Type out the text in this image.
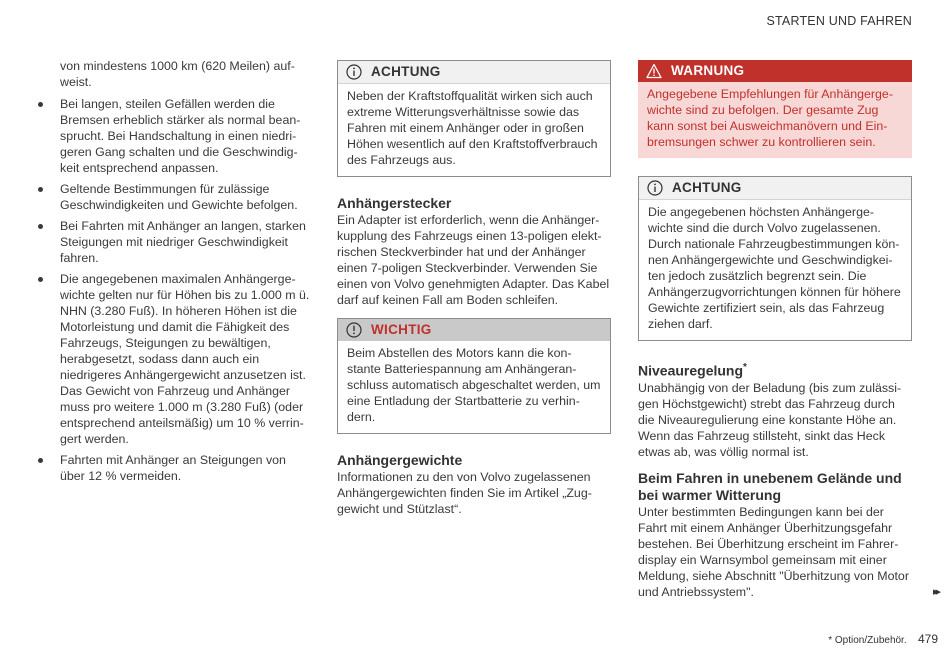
STARTEN UND FAHREN

von mindestens 1000 km (620 Meilen) aufweist.

Bei langen, steilen Gefällen werden die Bremsen erheblich stärker als normal beansprucht. Bei Handschaltung in einen niedrigeren Gang schalten und die Geschwindigkeit entsprechend anpassen.
Geltende Bestimmungen für zulässige Geschwindigkeiten und Gewichte befolgen.
Bei Fahrten mit Anhänger an langen, starken Steigungen mit niedriger Geschwindigkeit fahren.
Die angegebenen maximalen Anhängergewichte gelten nur für Höhen bis zu 1.000 m ü. NHN (3.280 Fuß). In höheren Höhen ist die Motorleistung und damit die Fähigkeit des Fahrzeugs, Steigungen zu bewältigen, herabgesetzt, sodass dann auch ein niedrigeres Anhängergewicht anzusetzen ist. Das Gewicht von Fahrzeug und Anhänger muss pro weitere 1.000 m (3.280 Fuß) (oder entsprechend anteilsmäßig) um 10 % verringert werden.
Fahrten mit Anhänger an Steigungen von über 12 % vermeiden.
ACHTUNG
Neben der Kraftstoffqualität wirken sich auch extreme Witterungsverhältnisse sowie das Fahren mit einem Anhänger oder in großen Höhen wesentlich auf den Kraftstoffverbrauch des Fahrzeugs aus.
Anhängerstecker

Ein Adapter ist erforderlich, wenn die Anhängerkupplung des Fahrzeugs einen 13-poligen elektrischen Steckverbinder hat und der Anhänger einen 7-poligen Steckverbinder. Verwenden Sie einen von Volvo genehmigten Adapter. Das Kabel darf auf keinen Fall am Boden schleifen.

WICHTIG
Beim Abstellen des Motors kann die konstante Batteriespannung am Anhängeranschluss automatisch abgeschaltet werden, um eine Entladung der Startbatterie zu verhindern.
Anhängergewichte

Informationen zu den von Volvo zugelassenen Anhängergewichten finden Sie im Artikel „Zuggewicht und Stützlast“.

WARNUNG
Angegebene Empfehlungen für Anhängergewichte sind zu befolgen. Der gesamte Zug kann sonst bei Ausweichmanövern und Einbremsungen schwer zu kontrollieren sein.
ACHTUNG
Die angegebenen höchsten Anhängergewichte sind die durch Volvo zugelassenen. Durch nationale Fahrzeugbestimmungen können Anhängergewichte und Geschwindigkeiten jedoch zusätzlich begrenzt sein. Die Anhängerzugvorrichtungen können für höhere Gewichte zertifiziert sein, als das Fahrzeug ziehen darf.
Niveauregelung*

Unabhängig von der Beladung (bis zum zulässigen Höchstgewicht) strebt das Fahrzeug durch die Niveauregulierung eine konstante Höhe an. Wenn das Fahrzeug stillsteht, sinkt das Heck etwas ab, was völlig normal ist.

Beim Fahren in unebenem Gelände und bei warmer Witterung

Unter bestimmten Bedingungen kann bei der Fahrt mit einem Anhänger Überhitzungsgefahr bestehen. Bei Überhitzung erscheint im Fahrerdisplay ein Warnsymbol gemeinsam mit einer Meldung, siehe Abschnitt "Überhitzung von Motor und Antriebssystem".	▸▸
* Option/Zubehör. 479
